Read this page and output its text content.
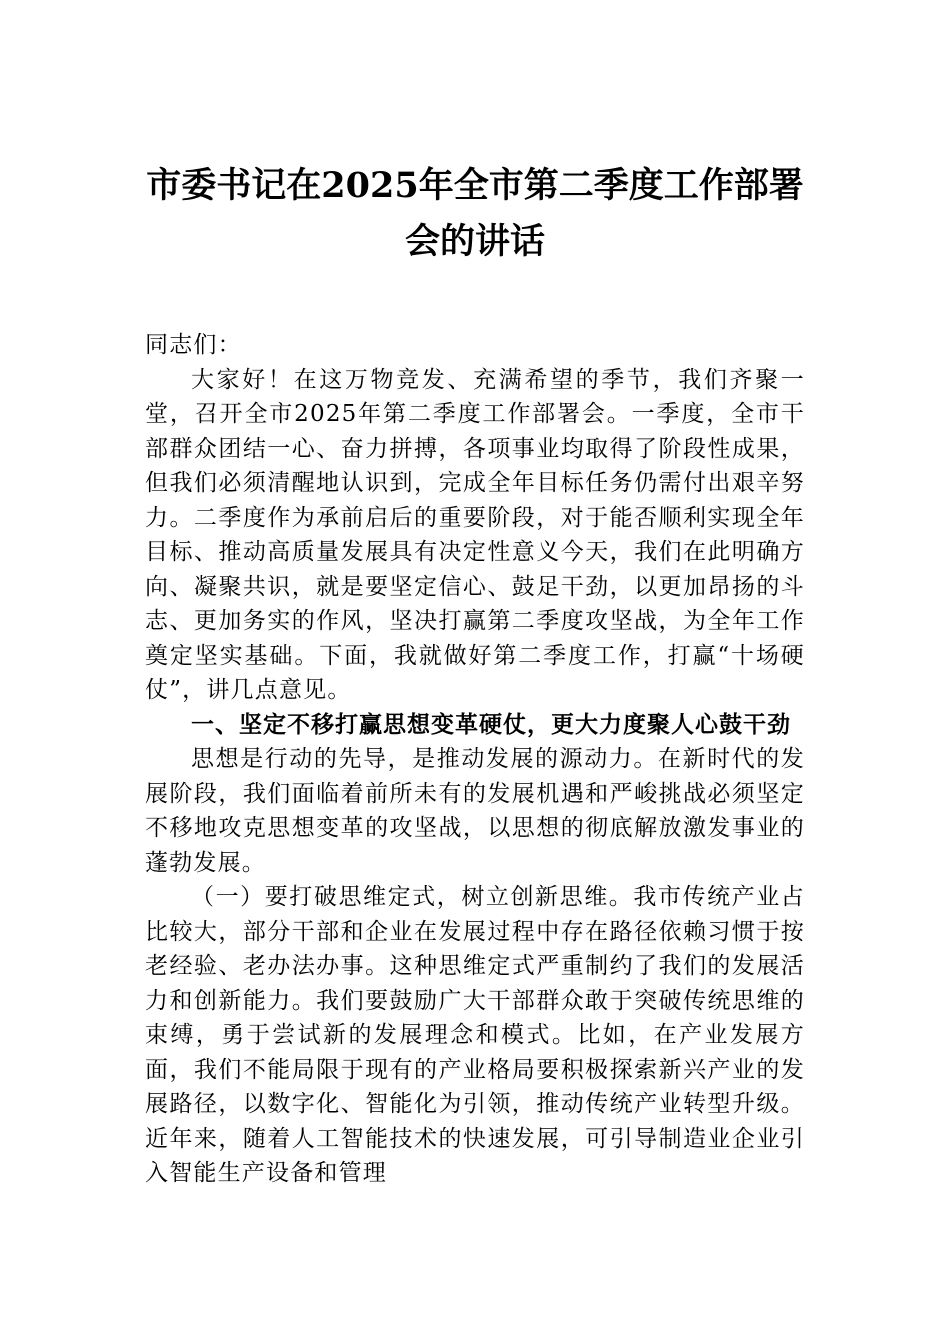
市委书记在2025年全市第二季度工作部署
会的讲话

同志们：

大家好！在这万物竞发、充满希望的季节，我们齐聚一堂，召开全市2025年第二季度工作部署会。一季度，全市干部群众团结一心、奋力拼搏，各项事业均取得了阶段性成果，但我们必须清醒地认识到，完成全年目标任务仍需付出艰辛努力。二季度作为承前启后的重要阶段，对于能否顺利实现全年目标、推动高质量发展具有决定性意义今天，我们在此明确方向、凝聚共识，就是要坚定信心、鼓足干劲，以更加昂扬的斗志、更加务实的作风，坚决打赢第二季度攻坚战，为全年工作奠定坚实基础。下面，我就做好第二季度工作，打赢“十场硬仗”，讲几点意见。

一、坚定不移打赢思想变革硬仗，更大力度聚人心鼓干劲

思想是行动的先导，是推动发展的源动力。在新时代的发展阶段，我们面临着前所未有的发展机遇和严峻挑战必须坚定不移地攻克思想变革的攻坚战，以思想的彻底解放激发事业的蓬勃发展。

（一）要打破思维定式，树立创新思维。我市传统产业占比较大，部分干部和企业在发展过程中存在路径依赖习惯于按老经验、老办法办事。这种思维定式严重制约了我们的发展活力和创新能力。我们要鼓励广大干部群众敢于突破传统思维的束缚，勇于尝试新的发展理念和模式。比如，在产业发展方面，我们不能局限于现有的产业格局要积极探索新兴产业的发展路径，以数字化、智能化为引领，推动传统产业转型升级。近年来，随着人工智能技术的快速发展，可引导制造业企业引入智能生产设备和管理
